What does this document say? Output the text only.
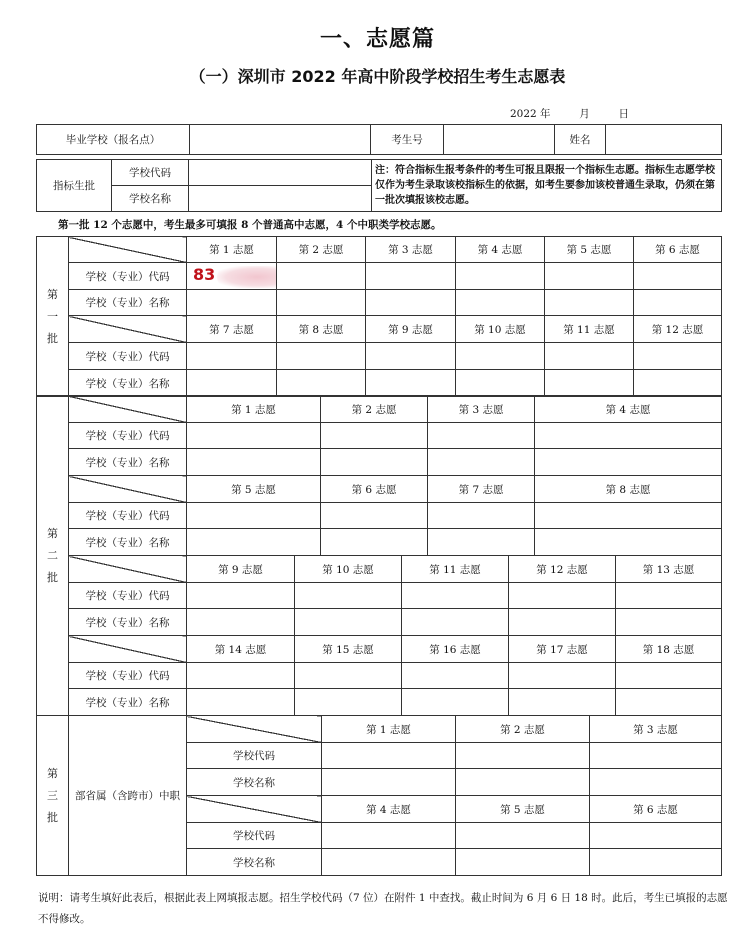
一、志愿篇
（一）深圳市 2022 年高中阶段学校招生考生志愿表
2022 年	月	日
毕业学校（报名点）		考生号		姓名	
指标生批	学校代码		注：符合指标生报考条件的考生可报且限报一个指标生志愿。指标生志愿学校仅作为考生录取该校指标生的依据，如考生要参加该校普通生录取，仍须在第一批次填报该校志愿。
	学校名称		
第一批 12 个志愿中，考生最多可填报 8 个普通高中志愿，4 个中职类学校志愿。
第
一
批		第 1 志愿	第 2 志愿	第 3 志愿	第 4 志愿	第 5 志愿	第 6 志愿
	学校（专业）代码	83					
	学校（专业）名称						
		第 7 志愿	第 8 志愿	第 9 志愿	第 10 志愿	第 11 志愿	第 12 志愿
	学校（专业）代码						
	学校（专业）名称						
第
二
批		第 1 志愿		第 2 志愿		第 3 志愿		第 4 志愿	
	学校（专业）代码								
	学校（专业）名称								
		第 5 志愿		第 6 志愿		第 7 志愿		第 8 志愿	
	学校（专业）代码								
	学校（专业）名称								
		第 9 志愿	第 10 志愿		第 11 志愿		第 12 志愿		第 13 志愿
	学校（专业）代码								
	学校（专业）名称								
		第 14 志愿	第 15 志愿		第 16 志愿		第 17 志愿		第 18 志愿
	学校（专业）代码								
	学校（专业）名称								
第
三
批	部省属（含跨市）中职		第 1 志愿	第 2 志愿	第 3 志愿
		学校代码			
		学校名称			
			第 4 志愿	第 5 志愿	第 6 志愿
		学校代码			
		学校名称			
说明：请考生填好此表后，根据此表上网填报志愿。招生学校代码（7 位）在附件 1 中查找。截止时间为 6 月 6 日 18 时。此后，考生已填报的志愿不得修改。
